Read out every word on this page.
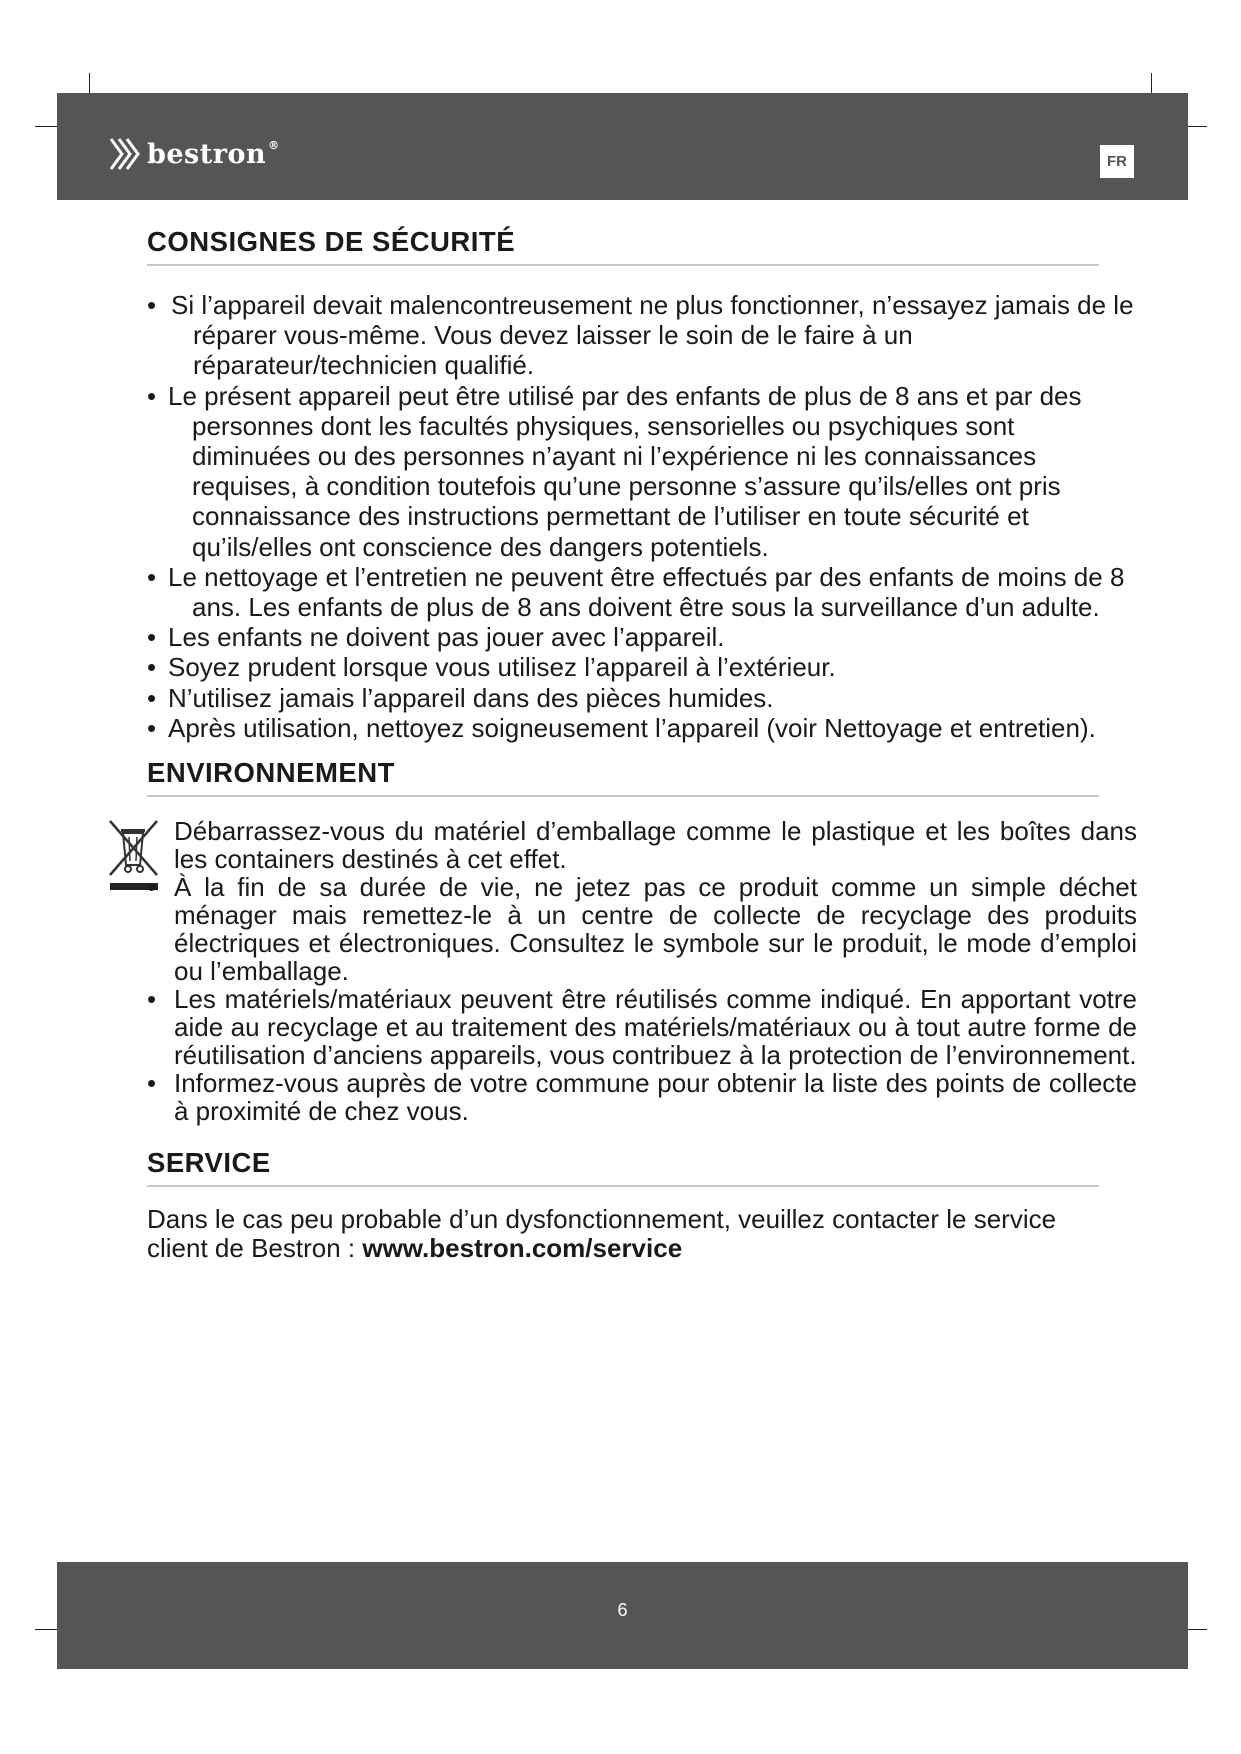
bestron ®
FR
CONSIGNES DE SÉCURITÉ
• Si l’appareil devait malencontreusement ne plus fonctionner, n’essayez jamais de le réparer vous-même. Vous devez laisser le soin de le faire à un réparateur/technicien qualifié.
• Le présent appareil peut être utilisé par des enfants de plus de 8 ans et par des personnes dont les facultés physiques, sensorielles ou psychiques sont diminuées ou des personnes n’ayant ni l’expérience ni les connaissances requises, à condition toutefois qu’une personne s’assure qu’ils/elles ont pris connaissance des instructions permettant de l’utiliser en toute sécurité et qu’ils/elles ont conscience des dangers potentiels.
• Le nettoyage et l’entretien ne peuvent être effectués par des enfants de moins de 8 ans. Les enfants de plus de 8 ans doivent être sous la surveillance d’un adulte.
• Les enfants ne doivent pas jouer avec l’appareil.
• Soyez prudent lorsque vous utilisez l’appareil à l’extérieur.
• N’utilisez jamais l’appareil dans des pièces humides.
• Après utilisation, nettoyez soigneusement l’appareil (voir Nettoyage et entretien).
ENVIRONNEMENT
Débarrassez-vous du matériel d’emballage comme le plastique et les boîtes dans les containers destinés à cet effet.
• À la fin de sa durée de vie, ne jetez pas ce produit comme un simple déchet ménager mais remettez-le à un centre de collecte de recyclage des produits électriques et électroniques. Consultez le symbole sur le produit, le mode d’emploi ou l’emballage.
• Les matériels/matériaux peuvent être réutilisés comme indiqué. En apportant votre aide au recyclage et au traitement des matériels/matériaux ou à tout autre forme de réutilisation d’anciens appareils, vous contribuez à la protection de l’environnement.
• Informez-vous auprès de votre commune pour obtenir la liste des points de collecte à proximité de chez vous.
SERVICE

Dans le cas peu probable d’un dysfonctionnement, veuillez contacter le service client de Bestron : www.bestron.com/service

6
